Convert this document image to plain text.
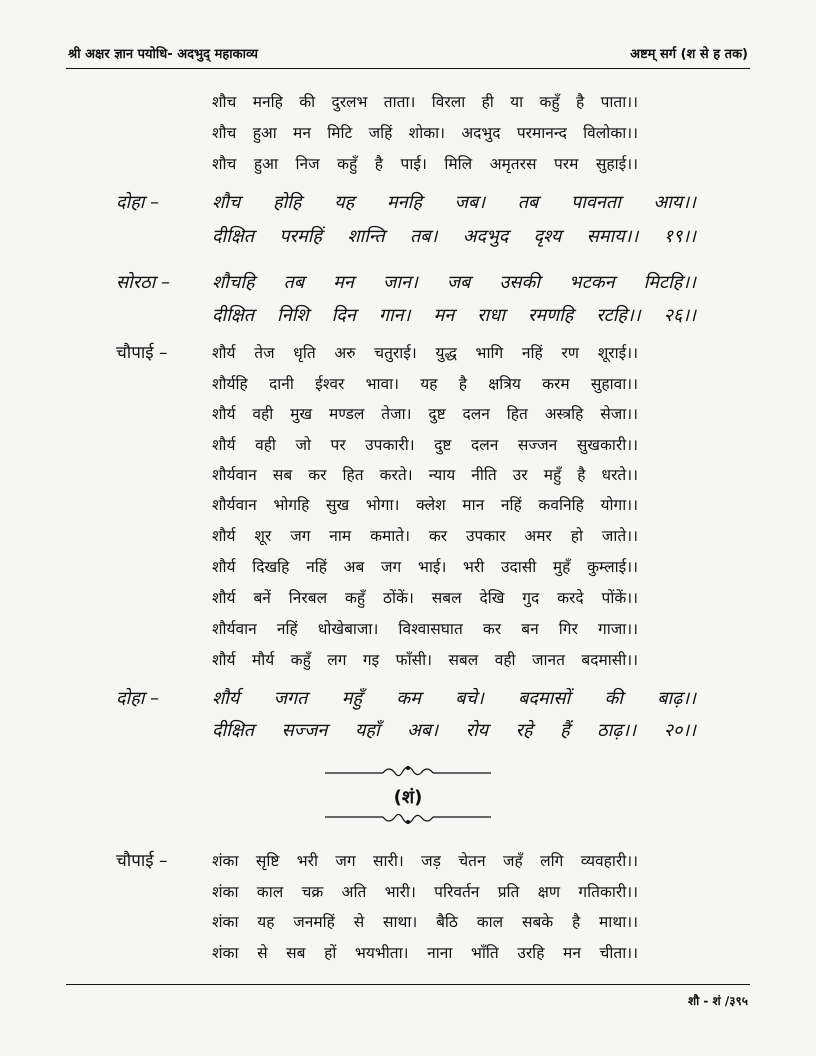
श्री अक्षर ज्ञान पयोधि- अदभुद् महाकाव्य	अष्टम् सर्ग (श से ह तक)
शौच मनहि की दुरलभ ताता। विरला ही या कहुँ है पाता।।
शौच हुआ मन मिटि जहिं शोका। अदभुद परमानन्द विलोका।।
शौच हुआ निज कहुँ है पाई। मिलि अमृतरस परम सुहाई।।
दोहा –	शौच होहि यह मनहि जब। तब पावनता आय।।
दीक्षित परमहिं शान्ति तब। अदभुद दृश्य समाय।। १९।।
सोरठा – शौचहि तब मन जान। जब उसकी भटकन मिटहि।।
दीक्षित निशि दिन गान। मन राधा रमणहि रटहि।। २६।।
चौपाई –	शौर्य तेज धृति अरु चतुराई। युद्ध भागि नहिं रण शूराई।।
शौर्यहि दानी ईश्वर भावा। यह है क्षत्रिय करम सुहावा।।
शौर्य वही मुख मण्डल तेजा। दुष्ट दलन हित अस्त्रहि सेजा।।
शौर्य वही जो पर उपकारी। दुष्ट दलन सज्जन सुखकारी।।
शौर्यवान सब कर हित करते। न्याय नीति उर महुँ है धरते।।
शौर्यवान भोगहि सुख भोगा। क्लेश मान नहिं कवनिहि योगा।।
शौर्य शूर जग नाम कमाते। कर उपकार अमर हो जाते।।
शौर्य दिखहि नहिं अब जग भाई। भरी उदासी मुहँ कुम्लाई।।
शौर्य बनें निरबल कहुँ ठोंकें। सबल देखि गुद करदे पोंकें।।
शौर्यवान नहिं धोखेबाजा। विश्वासघात कर बन गिर गाजा।।
शौर्य मौर्य कहुँ लग गइ फाँसी। सबल वही जानत बदमासी।।
दोहा –	शौर्य जगत महुँ कम बचे। बदमासों की बाढ़।।
दीक्षित सज्जन यहाँ अब। रोय रहे हैं ठाढ़।। २०।।
(शं)
चौपाई –	शंका सृष्टि भरी जग सारी। जड़ चेतन जहँ लगि व्यवहारी।।
शंका काल चक्र अति भारी। परिवर्तन प्रति क्षण गतिकारी।।
शंका यह जनमहिं से साथा। बैठि काल सबके है माथा।।
शंका से सब हों भयभीता। नाना भाँति उरहि मन चीता।।
शौ - शं /३९५
